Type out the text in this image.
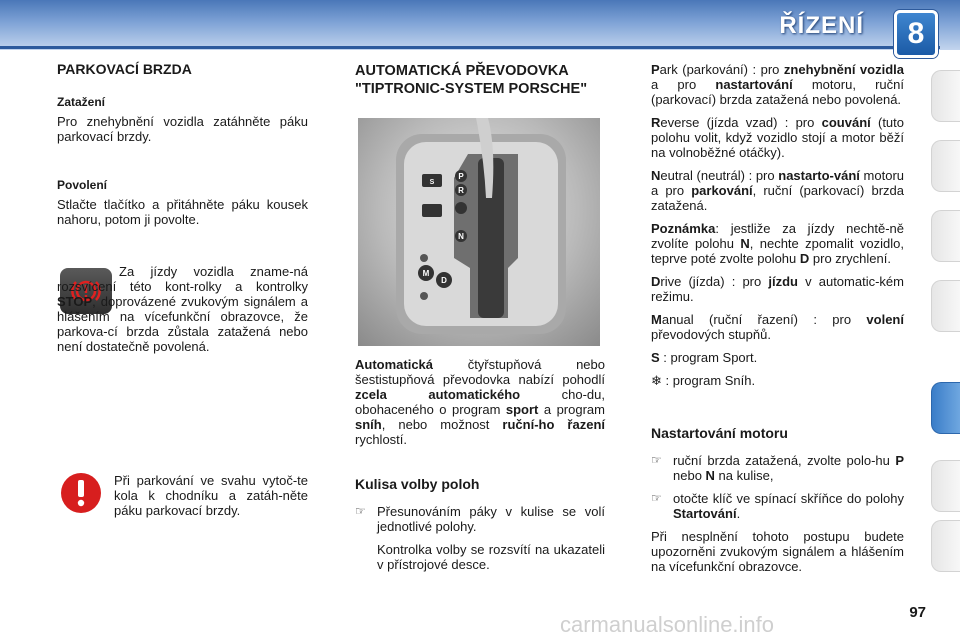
ŘÍZENÍ	8
PARKOVACÍ BRZDA
Zatažení

Pro znehybnění vozidla zatáhněte páku parkovací brzdy.

Povolení

Stlačte tlačítko a přitáhněte páku kousek nahoru, potom ji povolte.

Za jízdy vozidla zname-ná rozsvícení této kont-rolky a kontrolky STOP, doprovázené zvukovým signálem a hlášením na vícefunkční obrazovce, že parkova-cí brzda zůstala zatažená nebo není dostatečně povolená.

Při parkování ve svahu vytoč-te kola k chodníku a zatáh-něte páku parkovací brzdy.

AUTOMATICKÁ PŘEVODOVKA "TIPTRONIC-SYSTEM PORSCHE"
P
R
N
D
M
S

Automatická čtyřstupňová nebo šestistupňová převodovka nabízí pohodlí zcela automatického cho-du, obohaceného o program sport a program sníh, nebo možnost ruční-ho řazení rychlostí.

Kulisa volby poloh
☞ Přesunováním páky v kulise se volí jednotlivé polohy.

Kontrolka volby se rozsvítí na ukazateli v přístrojové desce.

Park (parkování) : pro znehybnění vozidla a pro nastartování motoru, ruční (parkovací) brzda zatažená nebo povolená.

Reverse (jízda vzad) : pro couvání (tuto polohu volit, když vozidlo stojí a motor běží na volnoběžné otáčky).

Neutral (neutrál) : pro nastarto-vání motoru a pro parkování, ruční (parkovací) brzda zatažená.

Poznámka: jestliže za jízdy nechtě-ně zvolíte polohu N, nechte zpomalit vozidlo, teprve poté zvolte polohu D pro zrychlení.

Drive (jízda) : pro jízdu v automatic-kém režimu.

Manual (ruční řazení) : pro volení převodových stupňů.

S : program Sport.

❄ : program Sníh.

Nastartování motoru
☞ ruční brzda zatažená, zvolte polo-hu P nebo N na kulise,

☞ otočte klíč ve spínací skříňce do polohy Startování.

Při nesplnění tohoto postupu budete upozorněni zvukovým signálem a hlášením na vícefunkční obrazovce.

carmanualsonline.info	97
